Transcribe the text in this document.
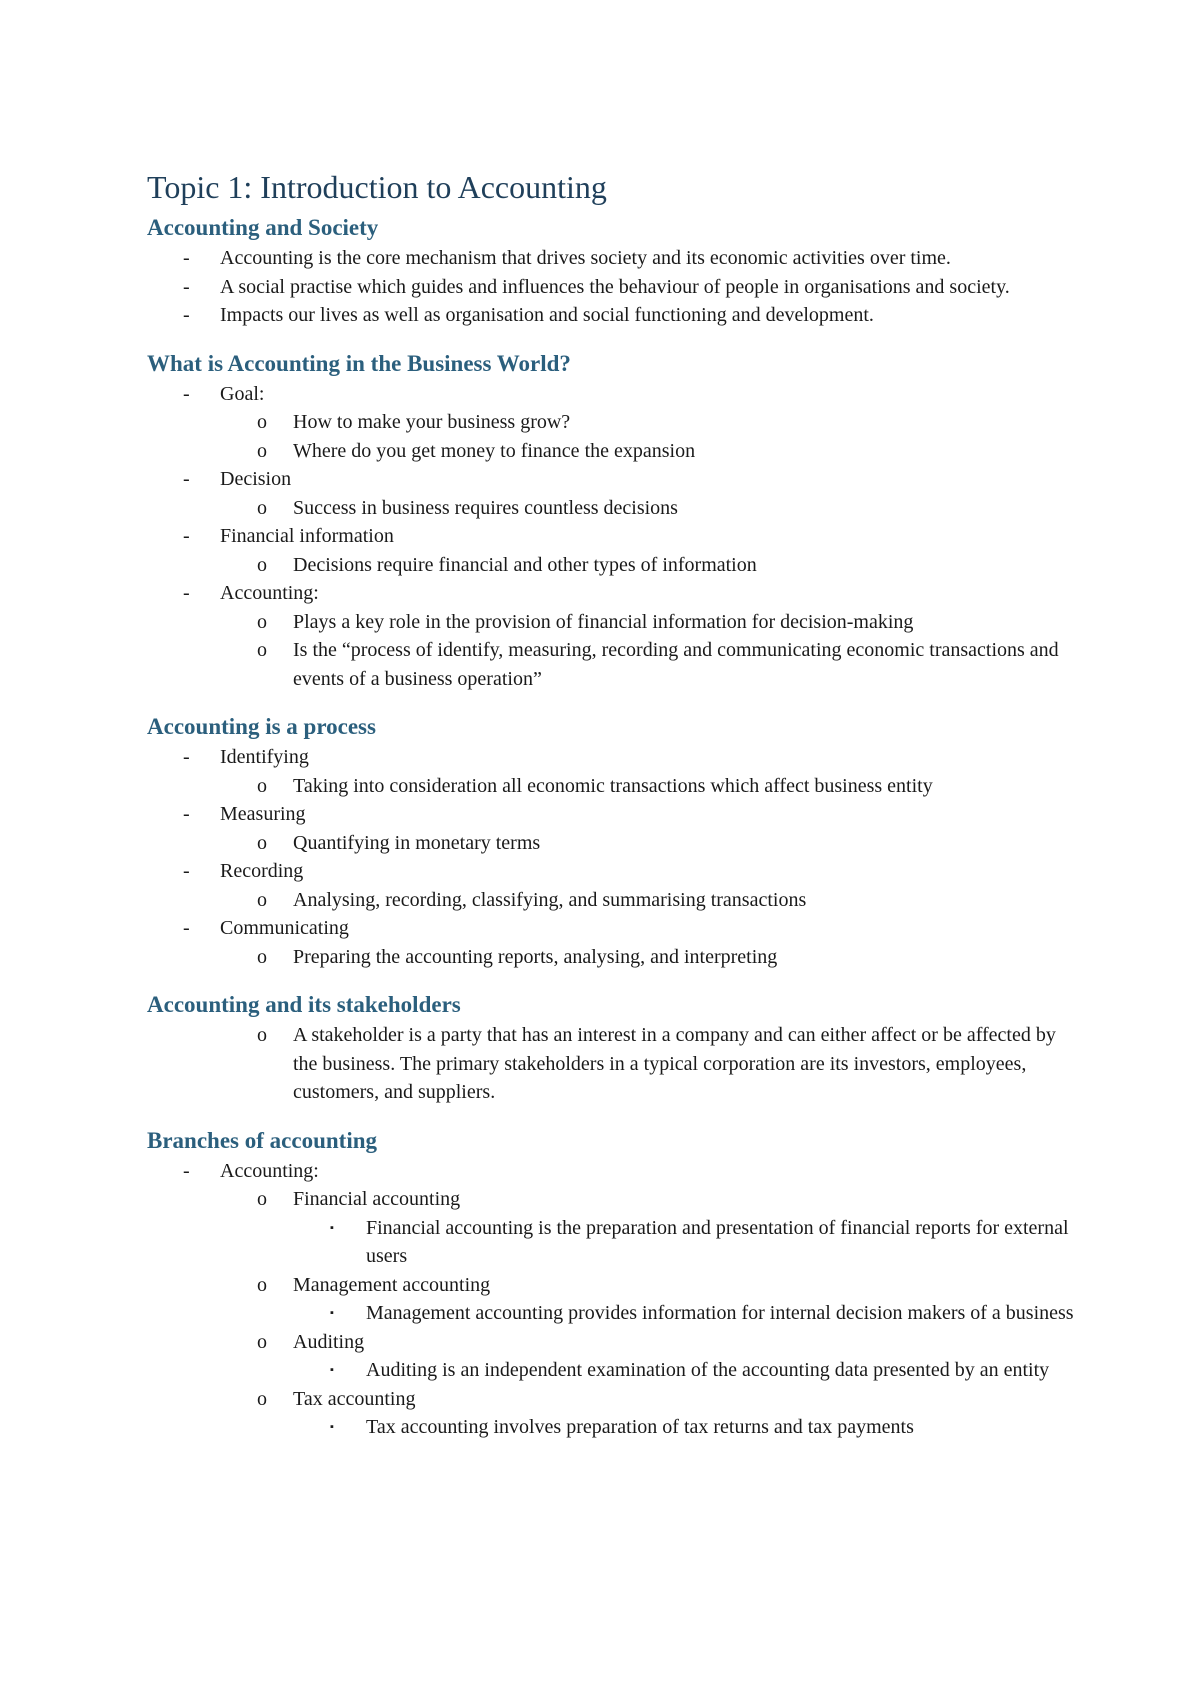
Topic 1: Introduction to Accounting
Accounting and Society
- Accounting is the core mechanism that drives society and its economic activities over time.
- A social practise which guides and influences the behaviour of people in organisations and society.
- Impacts our lives as well as organisation and social functioning and development.
What is Accounting in the Business World?
- Goal:
o How to make your business grow?
o Where do you get money to finance the expansion
- Decision
o Success in business requires countless decisions
- Financial information
o Decisions require financial and other types of information
- Accounting:
o Plays a key role in the provision of financial information for decision-making
o Is the “process of identify, measuring, recording and communicating economic transactions and events of a business operation”
Accounting is a process
- Identifying
o Taking into consideration all economic transactions which affect business entity
- Measuring
o Quantifying in monetary terms
- Recording
o Analysing, recording, classifying, and summarising transactions
- Communicating
o Preparing the accounting reports, analysing, and interpreting
Accounting and its stakeholders
o A stakeholder is a party that has an interest in a company and can either affect or be affected by the business. The primary stakeholders in a typical corporation are its investors, employees, customers, and suppliers.
Branches of accounting
- Accounting:
o Financial accounting
▪ Financial accounting is the preparation and presentation of financial reports for external users
o Management accounting
▪ Management accounting provides information for internal decision makers of a business
o Auditing
▪ Auditing is an independent examination of the accounting data presented by an entity
o Tax accounting
▪ Tax accounting involves preparation of tax returns and tax payments
